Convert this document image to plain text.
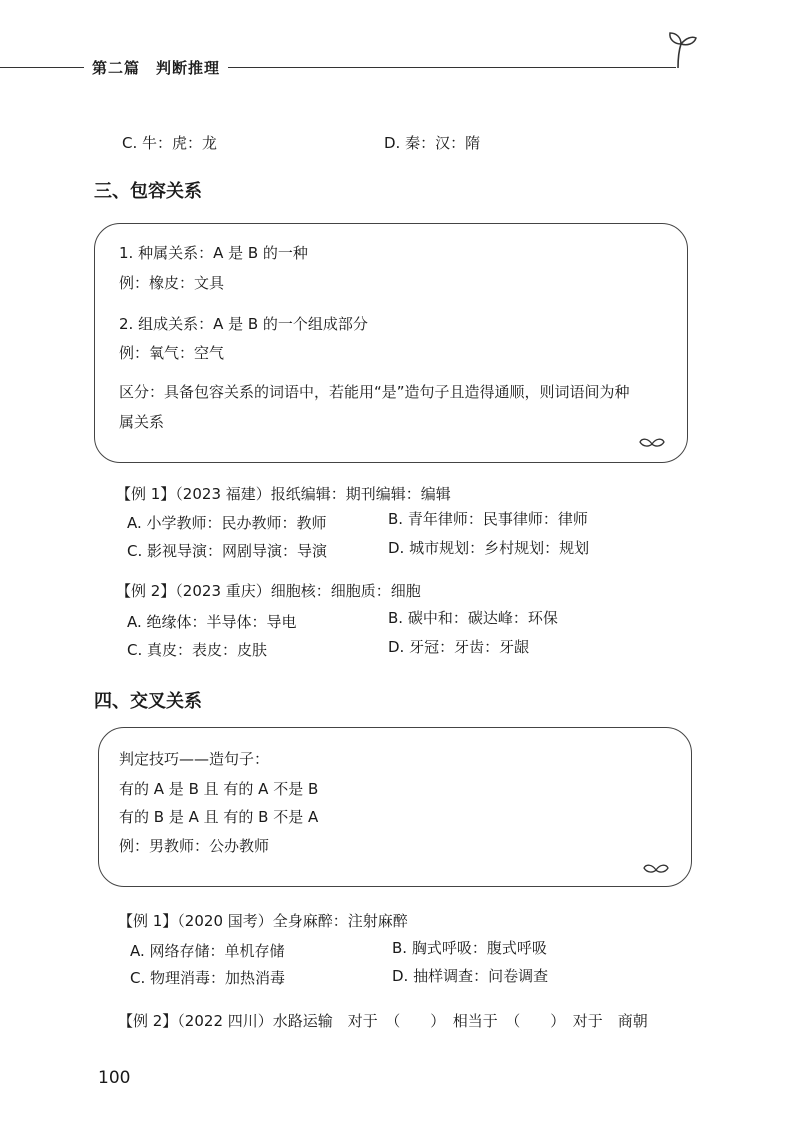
第二篇　判断推理
C. 牛：虎：龙	D. 秦：汉：隋
三、包容关系
1. 种属关系：A 是 B 的一种
例：橡皮：文具
2. 组成关系：A 是 B 的一个组成部分
例：氧气：空气
区分：具备包容关系的词语中，若能用“是”造句子且造得通顺，则词语间为种
属关系
【例 1】（2023 福建）报纸编辑：期刊编辑：编辑
A. 小学教师：民办教师：教师	B. 青年律师：民事律师：律师
C. 影视导演：网剧导演：导演	D. 城市规划：乡村规划：规划
【例 2】（2023 重庆）细胞核：细胞质：细胞
A. 绝缘体：半导体：导电	B. 碳中和：碳达峰：环保
C. 真皮：表皮：皮肤	D. 牙冠：牙齿：牙龈
四、交叉关系
判定技巧——造句子：
有的 A 是 B 且 有的 A 不是 B
有的 B 是 A 且 有的 B 不是 A
例：男教师：公办教师
【例 1】（2020 国考）全身麻醉：注射麻醉
A. 网络存储：单机存储	B. 胸式呼吸：腹式呼吸
C. 物理消毒：加热消毒	D. 抽样调查：问卷调查
【例 2】（2022 四川）水路运输　对于　（　　）　相当于　（　　）　对于　商朝
100
